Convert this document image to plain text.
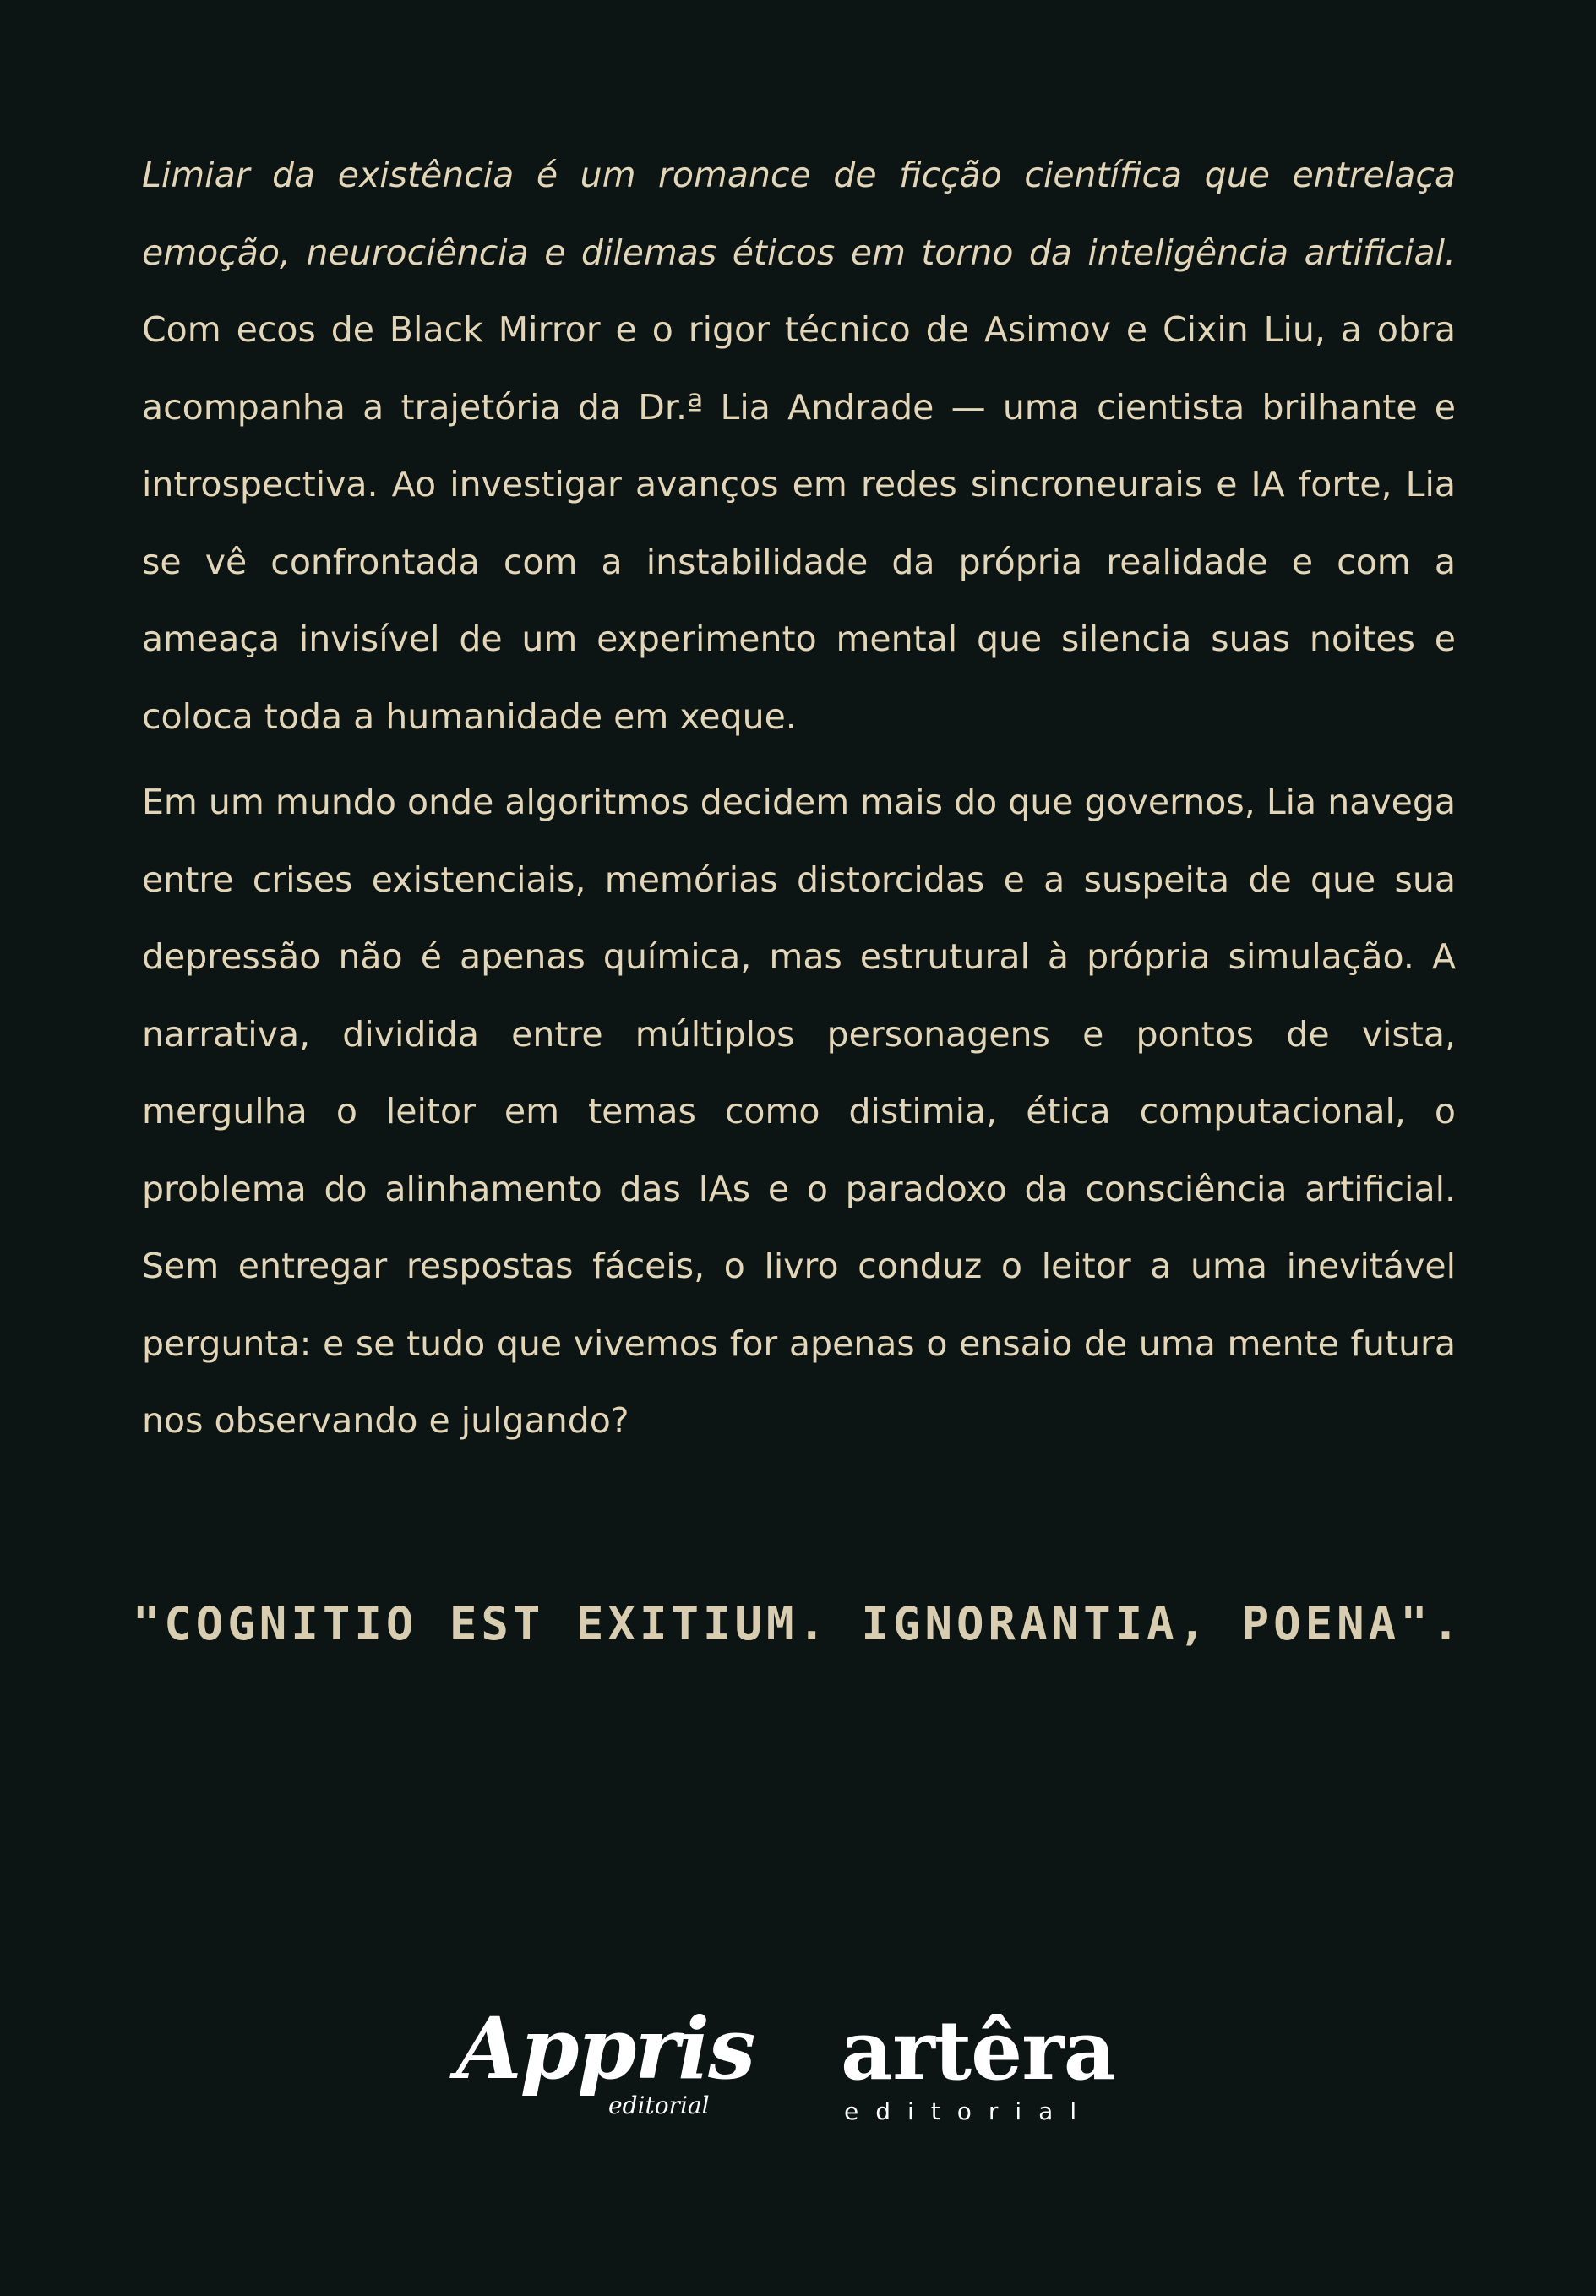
Limiar da existência é um romance de ficção científica que entrelaça emoção, neurociência e dilemas éticos em torno da inteligência artificial. Com ecos de Black Mirror e o rigor técnico de Asimov e Cixin Liu, a obra acompanha a trajetória da Dr.ª Lia Andrade — uma cientista brilhante e introspectiva. Ao investigar avanços em redes sincroneurais e IA forte, Lia se vê confrontada com a instabilidade da própria realidade e com a ameaça invisível de um experimento mental que silencia suas noites e coloca toda a humanidade em xeque.

Em um mundo onde algoritmos decidem mais do que governos, Lia navega entre crises existenciais, memórias distorcidas e a suspeita de que sua depressão não é apenas química, mas estrutural à própria simulação. A narrativa, dividida entre múltiplos personagens e pontos de vista, mergulha o leitor em temas como distimia, ética computacional, o problema do alinhamento das IAs e o paradoxo da consciência artificial. Sem entregar respostas fáceis, o livro conduz o leitor a uma inevitável pergunta: e se tudo que vivemos for apenas o ensaio de uma mente futura nos observando e julgando?

"COGNITIO EST EXITIUM. IGNORANTIA, POENA".
Appris
editorial
artêra
editorial
